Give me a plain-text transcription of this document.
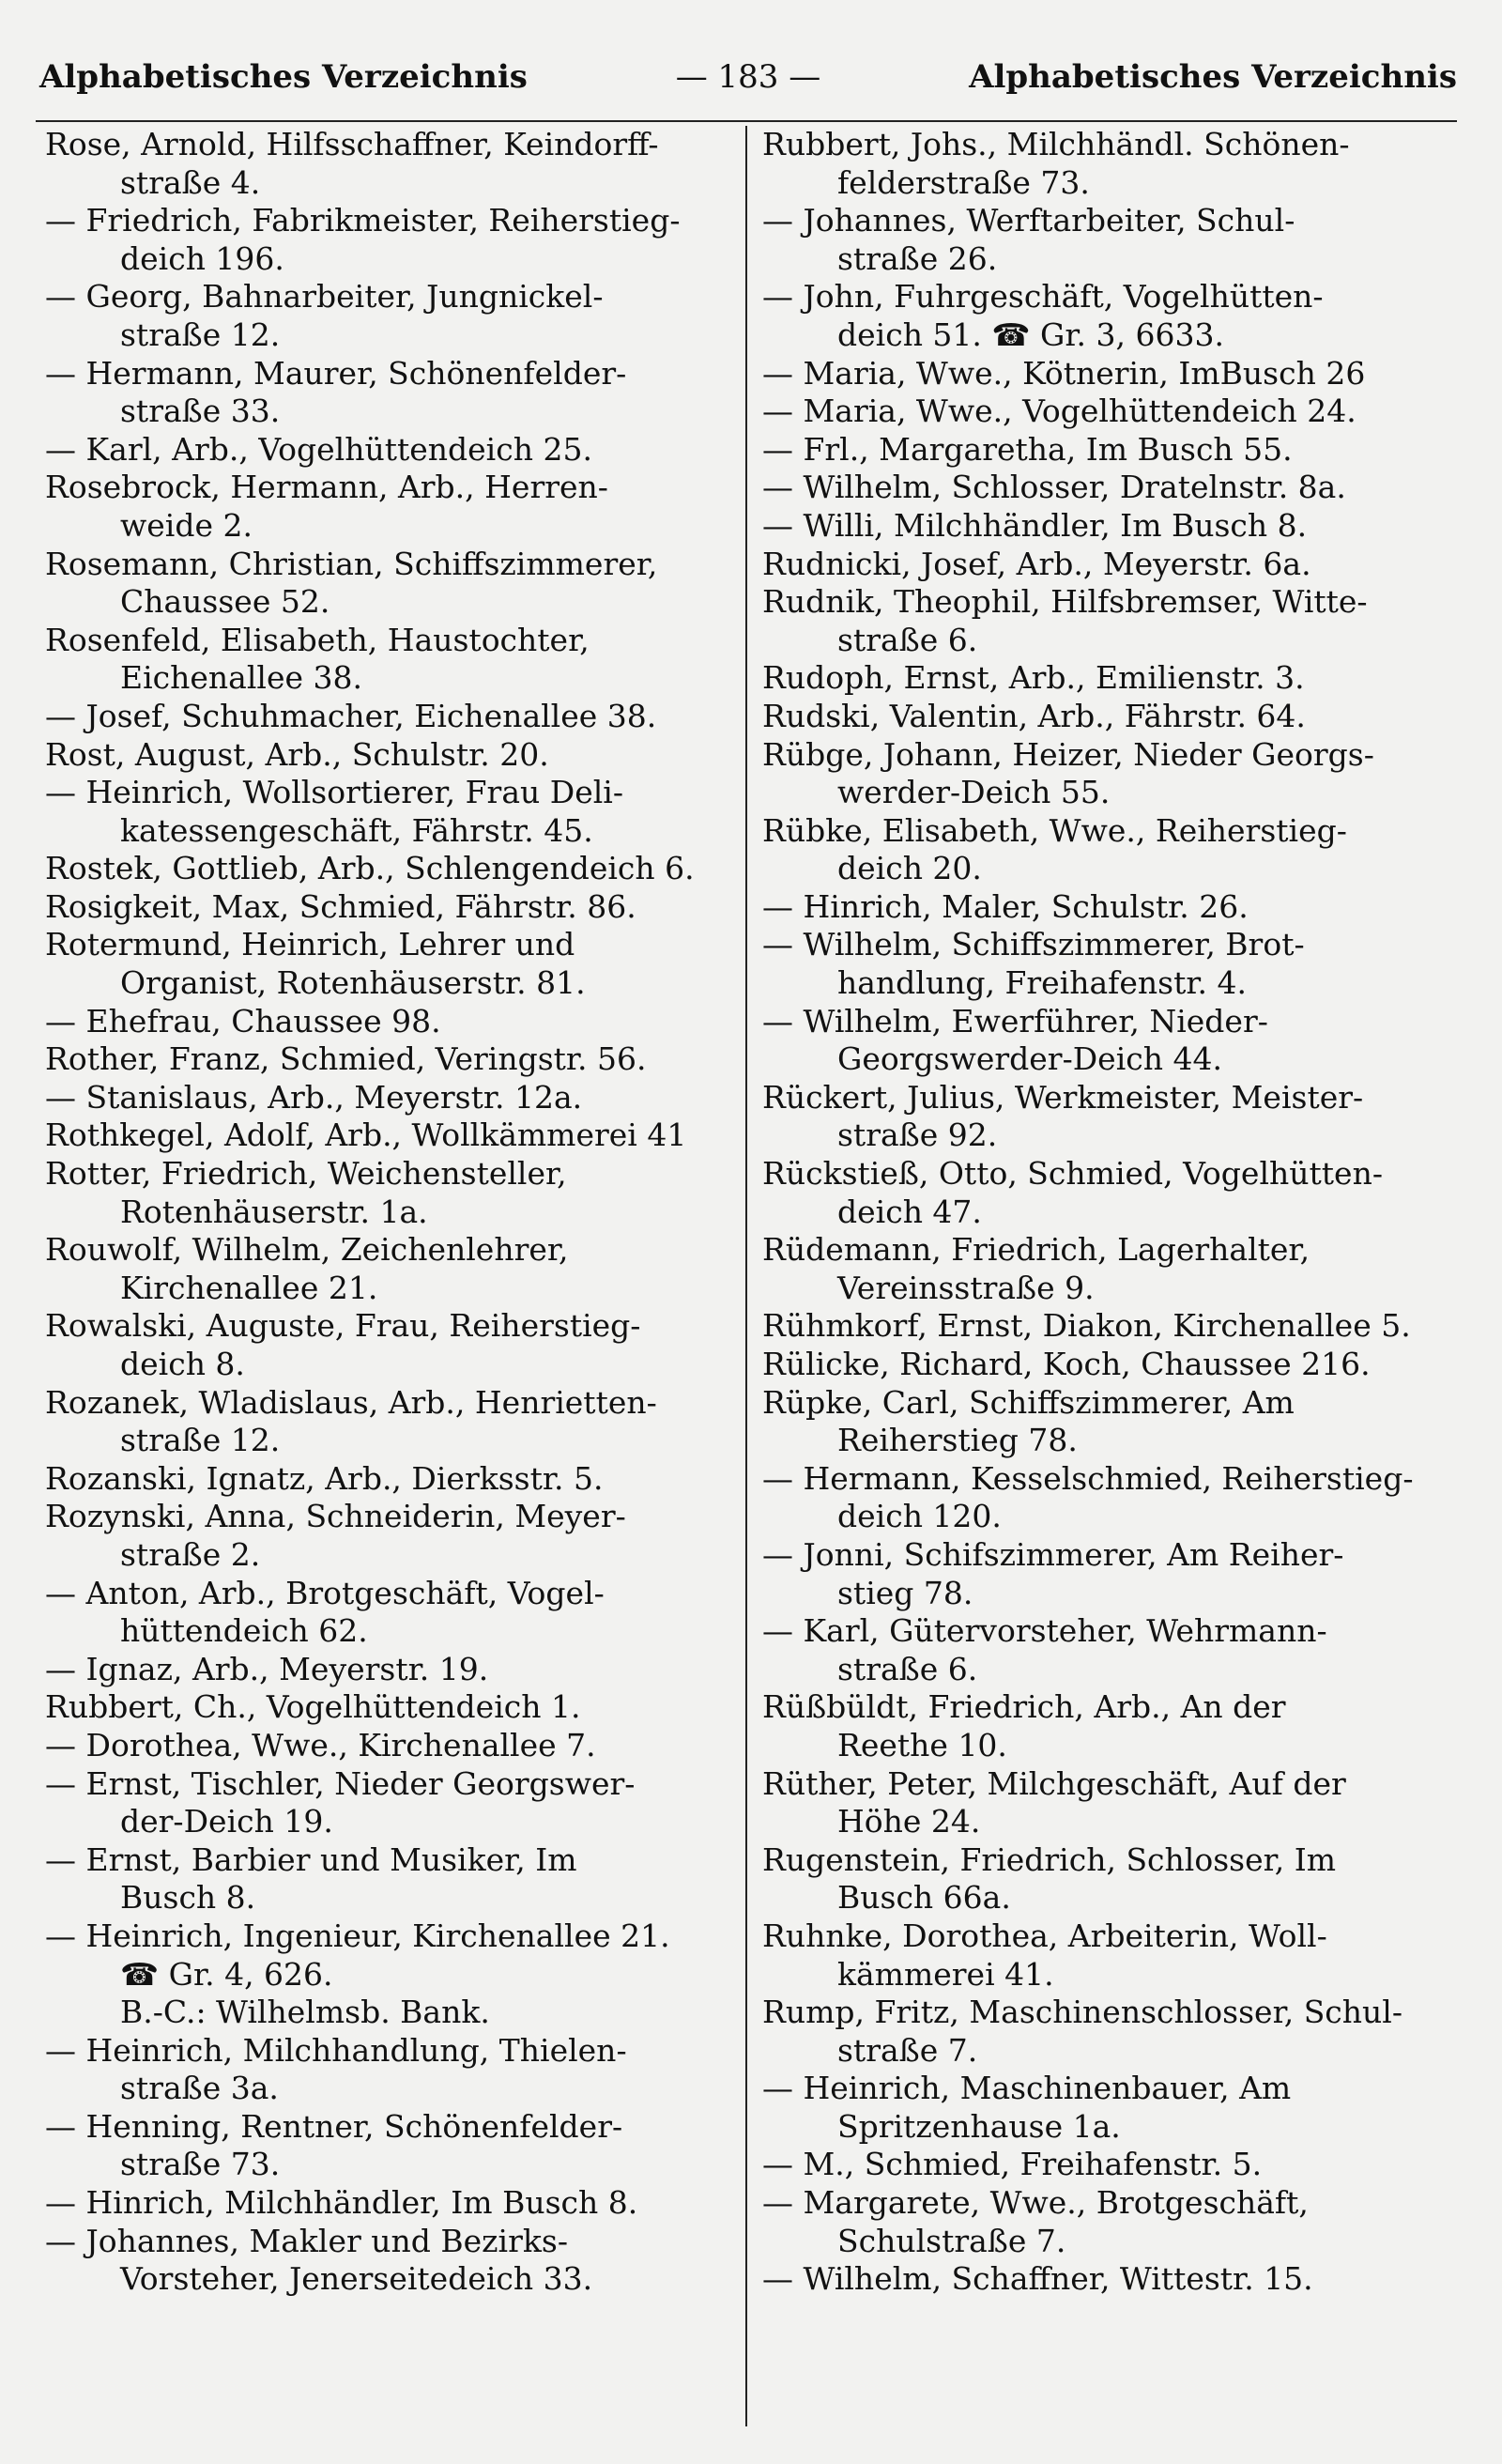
Alphabetisches Verzeichnis	— 183 —	Alphabetisches Verzeichnis
Rose, Arnold, Hilfsschaffner, Keindorff-
straße 4.
— Friedrich, Fabrikmeister, Reiherstieg-
deich 196.
— Georg, Bahnarbeiter, Jungnickel-
straße 12.
— Hermann, Maurer, Schönenfelder-
straße 33.
— Karl, Arb., Vogelhüttendeich 25.
Rosebrock, Hermann, Arb., Herren-
weide 2.
Rosemann, Christian, Schiffszimmerer,
Chaussee 52.
Rosenfeld, Elisabeth, Haustochter,
Eichenallee 38.
— Josef, Schuhmacher, Eichenallee 38.
Rost, August, Arb., Schulstr. 20.
— Heinrich, Wollsortierer, Frau Deli-
katessengeschäft, Fährstr. 45.
Rostek, Gottlieb, Arb., Schlengendeich 6.
Rosigkeit, Max, Schmied, Fährstr. 86.
Rotermund, Heinrich, Lehrer und
Organist, Rotenhäuserstr. 81.
— Ehefrau, Chaussee 98.
Rother, Franz, Schmied, Veringstr. 56.
— Stanislaus, Arb., Meyerstr. 12a.
Rothkegel, Adolf, Arb., Wollkämmerei 41
Rotter, Friedrich, Weichensteller,
Rotenhäuserstr. 1a.
Rouwolf, Wilhelm, Zeichenlehrer,
Kirchenallee 21.
Rowalski, Auguste, Frau, Reiherstieg-
deich 8.
Rozanek, Wladislaus, Arb., Henrietten-
straße 12.
Rozanski, Ignatz, Arb., Dierksstr. 5.
Rozynski, Anna, Schneiderin, Meyer-
straße 2.
— Anton, Arb., Brotgeschäft, Vogel-
hüttendeich 62.
— Ignaz, Arb., Meyerstr. 19.
Rubbert, Ch., Vogelhüttendeich 1.
— Dorothea, Wwe., Kirchenallee 7.
— Ernst, Tischler, Nieder Georgswer-
der-Deich 19.
— Ernst, Barbier und Musiker, Im
Busch 8.
— Heinrich, Ingenieur, Kirchenallee 21.
☎ Gr. 4, 626.
B.-C.: Wilhelmsb. Bank.
— Heinrich, Milchhandlung, Thielen-
straße 3a.
— Henning, Rentner, Schönenfelder-
straße 73.
— Hinrich, Milchhändler, Im Busch 8.
— Johannes, Makler und Bezirks-
Vorsteher, Jenerseitedeich 33.
Rubbert, Johs., Milchhändl. Schönen-
felderstraße 73.
— Johannes, Werftarbeiter, Schul-
straße 26.
— John, Fuhrgeschäft, Vogelhütten-
deich 51. ☎ Gr. 3, 6633.
— Maria, Wwe., Kötnerin, ImBusch 26
— Maria, Wwe., Vogelhüttendeich 24.
— Frl., Margaretha, Im Busch 55.
— Wilhelm, Schlosser, Dratelnstr. 8a.
— Willi, Milchhändler, Im Busch 8.
Rudnicki, Josef, Arb., Meyerstr. 6a.
Rudnik, Theophil, Hilfsbremser, Witte-
straße 6.
Rudoph, Ernst, Arb., Emilienstr. 3.
Rudski, Valentin, Arb., Fährstr. 64.
Rübge, Johann, Heizer, Nieder Georgs-
werder-Deich 55.
Rübke, Elisabeth, Wwe., Reiherstieg-
deich 20.
— Hinrich, Maler, Schulstr. 26.
— Wilhelm, Schiffszimmerer, Brot-
handlung, Freihafenstr. 4.
— Wilhelm, Ewerführer, Nieder-
Georgswerder-Deich 44.
Rückert, Julius, Werkmeister, Meister-
straße 92.
Rückstieß, Otto, Schmied, Vogelhütten-
deich 47.
Rüdemann, Friedrich, Lagerhalter,
Vereinsstraße 9.
Rühmkorf, Ernst, Diakon, Kirchenallee 5.
Rülicke, Richard, Koch, Chaussee 216.
Rüpke, Carl, Schiffszimmerer, Am
Reiherstieg 78.
— Hermann, Kesselschmied, Reiherstieg-
deich 120.
— Jonni, Schifszimmerer, Am Reiher-
stieg 78.
— Karl, Gütervorsteher, Wehrmann-
straße 6.
Rüßbüldt, Friedrich, Arb., An der
Reethe 10.
Rüther, Peter, Milchgeschäft, Auf der
Höhe 24.
Rugenstein, Friedrich, Schlosser, Im
Busch 66a.
Ruhnke, Dorothea, Arbeiterin, Woll-
kämmerei 41.
Rump, Fritz, Maschinenschlosser, Schul-
straße 7.
— Heinrich, Maschinenbauer, Am
Spritzenhause 1a.
— M., Schmied, Freihafenstr. 5.
— Margarete, Wwe., Brotgeschäft,
Schulstraße 7.
— Wilhelm, Schaffner, Wittestr. 15.
